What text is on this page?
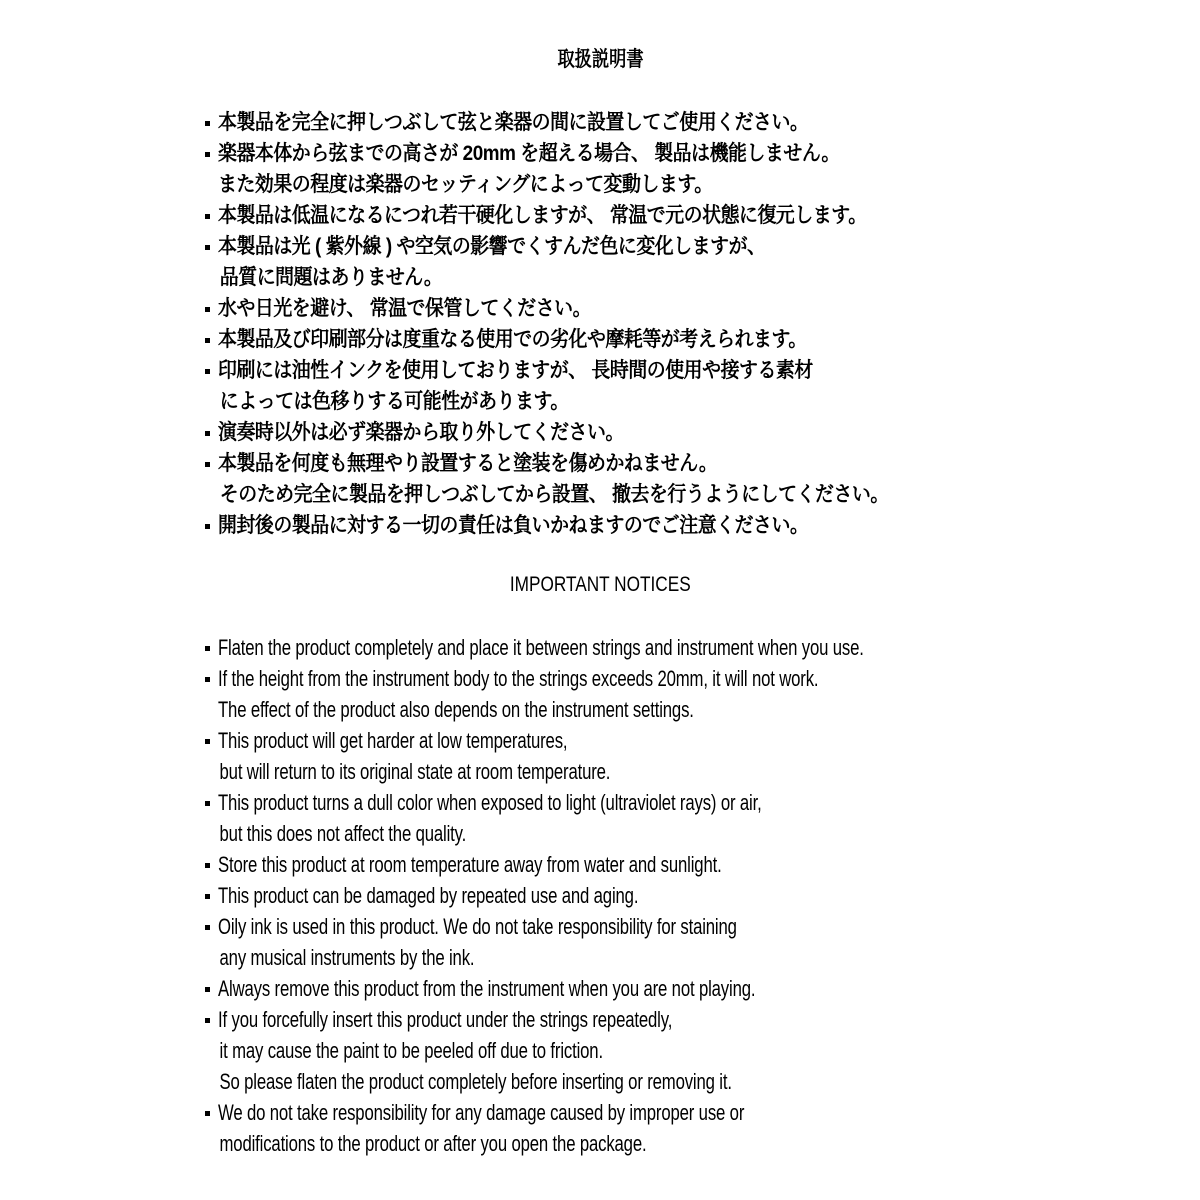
取扱説明書
本製品を完全に押しつぶして弦と楽器の間に設置してご使用ください。
楽器本体から弦までの高さが 20mm を超える場合、 製品は機能しません。
また効果の程度は楽器のセッティングによって変動します。
本製品は低温になるにつれ若干硬化しますが、 常温で元の状態に復元します。
本製品は光 ( 紫外線 ) や空気の影響でくすんだ色に変化しますが、
品質に問題はありません。
水や日光を避け、 常温で保管してください。
本製品及び印刷部分は度重なる使用での劣化や摩耗等が考えられます。
印刷には油性インクを使用しておりますが、 長時間の使用や接する素材
によっては色移りする可能性があります。
演奏時以外は必ず楽器から取り外してください。
本製品を何度も無理やり設置すると塗装を傷めかねません。
そのため完全に製品を押しつぶしてから設置、 撤去を行うようにしてください。
開封後の製品に対する一切の責任は負いかねますのでご注意ください。
IMPORTANT NOTICES
Flaten the product completely and place it between strings and instrument when you use.
If the height from the instrument body to the strings exceeds 20mm, it will not work.
The effect of the product also depends on the instrument settings.
This product will get harder at low temperatures,
but will return to its original state at room temperature.
This product turns a dull color when exposed to light (ultraviolet rays) or air,
but this does not affect the quality.
Store this product at room temperature away from water and sunlight.
This product can be damaged by repeated use and aging.
Oily ink is used in this product. We do not take responsibility for staining
any musical instruments by the ink.
Always remove this product from the instrument when you are not playing.
If you forcefully insert this product under the strings repeatedly,
it may cause the paint to be peeled off due to friction.
So please flaten the product completely before inserting or removing it.
We do not take responsibility for any damage caused by improper use or
modifications to the product or after you open the package.
